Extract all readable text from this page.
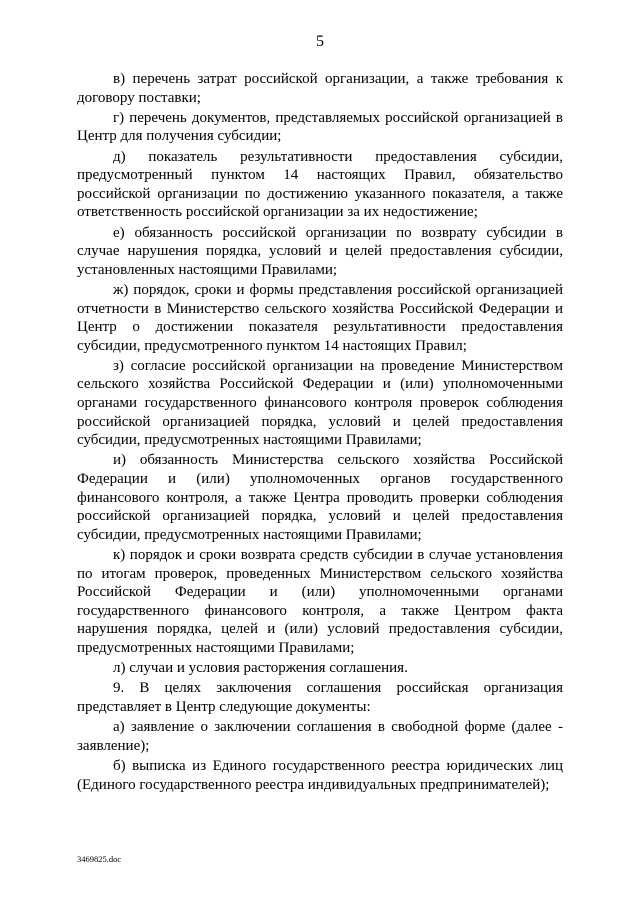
5

в) перечень затрат российской организации, а также требования к договору поставки;

г) перечень документов, представляемых российской организацией в Центр для получения субсидии;

д) показатель результативности предоставления субсидии, предусмотренный пунктом 14 настоящих Правил, обязательство российской организации по достижению указанного показателя, а также ответственность российской организации за их недостижение;

е) обязанность российской организации по возврату субсидии в случае нарушения порядка, условий и целей предоставления субсидии, установленных настоящими Правилами;

ж) порядок, сроки и формы представления российской организацией отчетности в Министерство сельского хозяйства Российской Федерации и Центр о достижении показателя результативности предоставления субсидии, предусмотренного пунктом 14 настоящих Правил;

з) согласие российской организации на проведение Министерством сельского хозяйства Российской Федерации и (или) уполномоченными органами государственного финансового контроля проверок соблюдения российской организацией порядка, условий и целей предоставления субсидии, предусмотренных настоящими Правилами;

и) обязанность Министерства сельского хозяйства Российской Федерации и (или) уполномоченных органов государственного финансового контроля, а также Центра проводить проверки соблюдения российской организацией порядка, условий и целей предоставления субсидии, предусмотренных настоящими Правилами;

к) порядок и сроки возврата средств субсидии в случае установления по итогам проверок, проведенных Министерством сельского хозяйства Российской Федерации и (или) уполномоченными органами государственного финансового контроля, а также Центром факта нарушения порядка, целей и (или) условий предоставления субсидии, предусмотренных настоящими Правилами;

л) случаи и условия расторжения соглашения.

9. В целях заключения соглашения российская организация представляет в Центр следующие документы:

а) заявление о заключении соглашения в свободной форме (далее - заявление);

б) выписка из Единого государственного реестра юридических лиц (Единого государственного реестра индивидуальных предпринимателей);

3469825.doc
